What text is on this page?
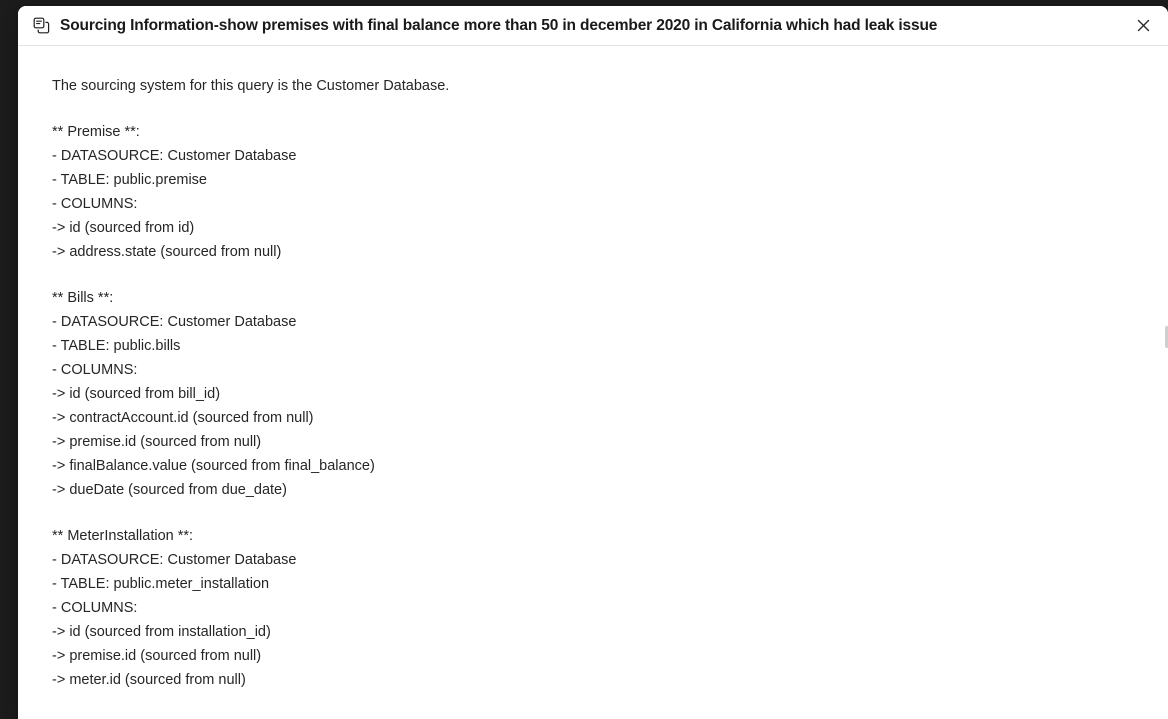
Sourcing Information-show premises with final balance more than 50 in december 2020 in California which had leak issue

The sourcing system for this query is the Customer Database.

** Premise **:

- DATASOURCE: Customer Database

- TABLE: public.premise

- COLUMNS:

-> id (sourced from id)

-> address.state (sourced from null)

** Bills **:

- DATASOURCE: Customer Database

- TABLE: public.bills

- COLUMNS:

-> id (sourced from bill_id)

-> contractAccount.id (sourced from null)

-> premise.id (sourced from null)

-> finalBalance.value (sourced from final_balance)

-> dueDate (sourced from due_date)

** MeterInstallation **:

- DATASOURCE: Customer Database

- TABLE: public.meter_installation

- COLUMNS:

-> id (sourced from installation_id)

-> premise.id (sourced from null)

-> meter.id (sourced from null)
